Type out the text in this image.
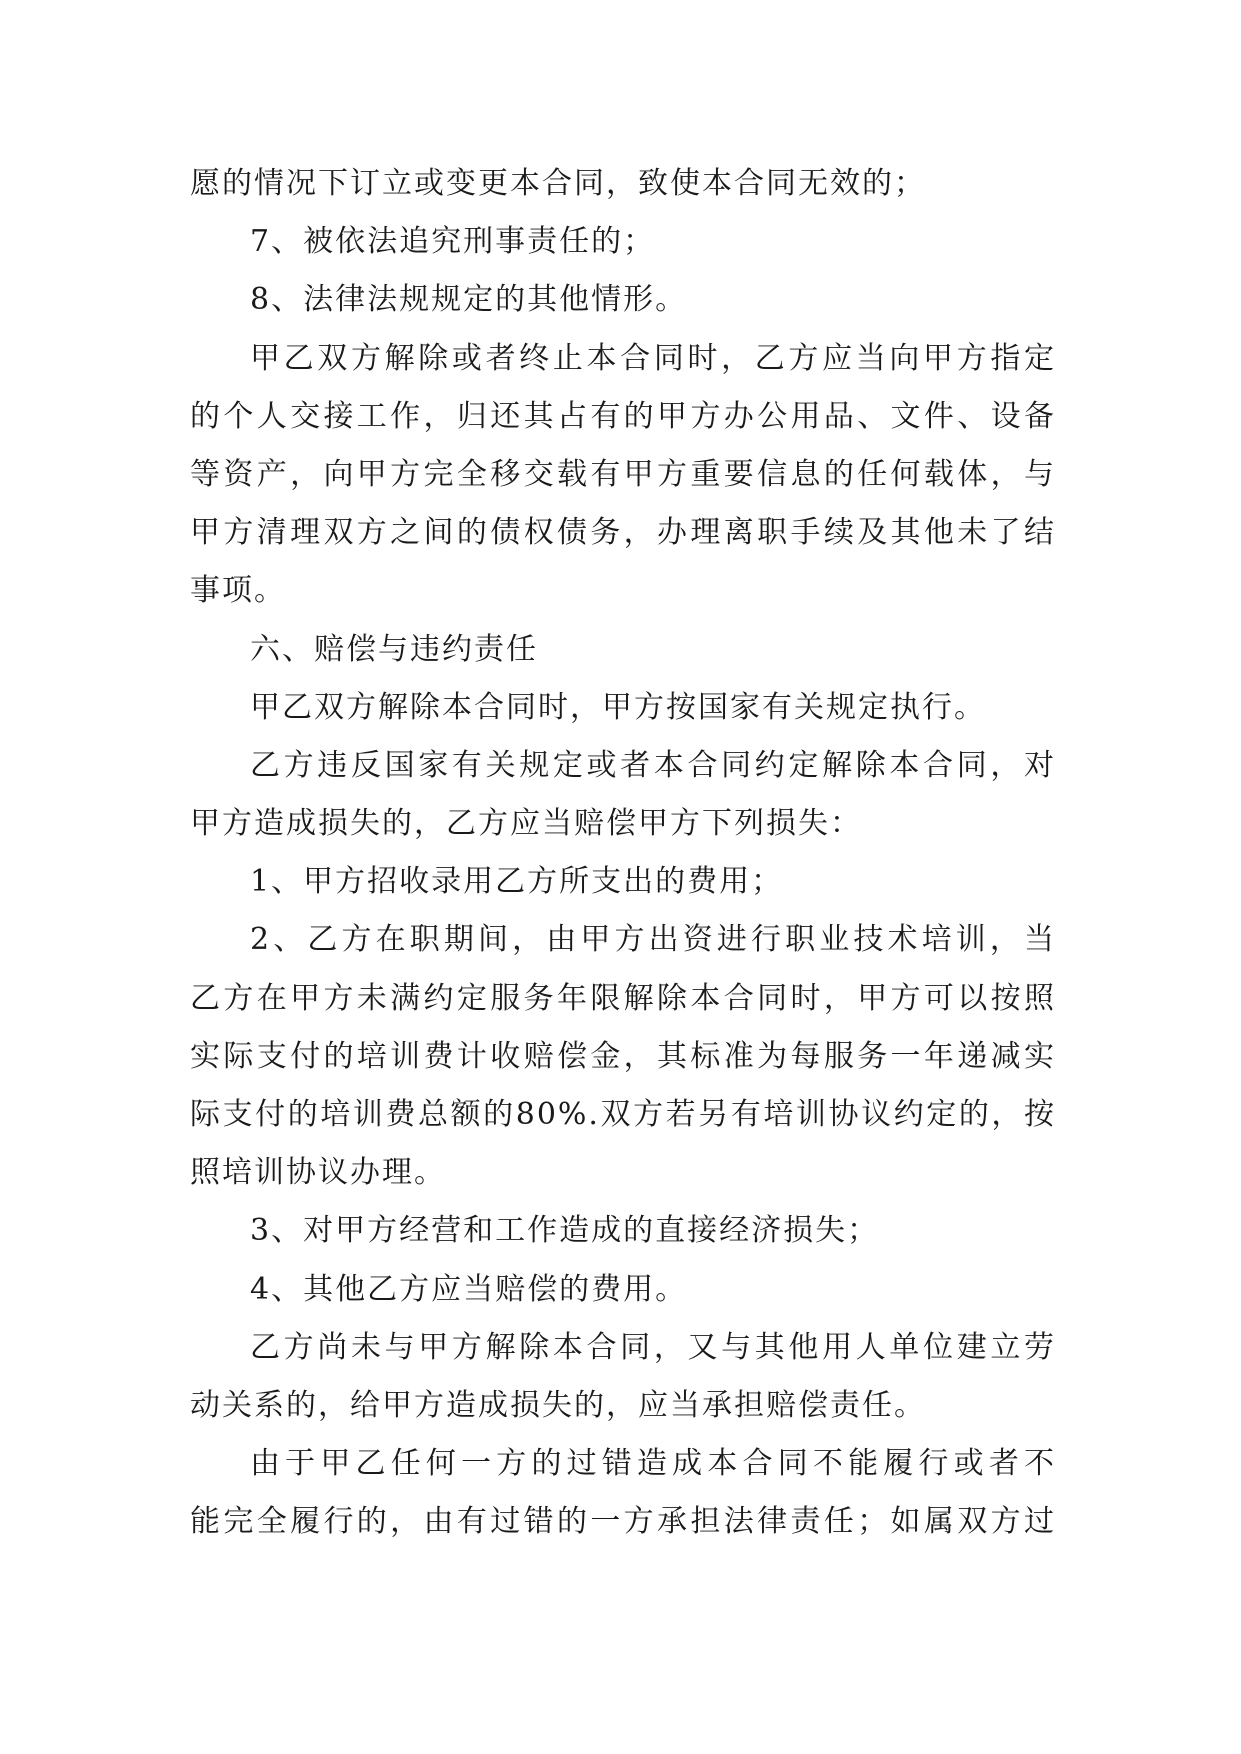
愿的情况下订立或变更本合同，致使本合同无效的；
7、被依法追究刑事责任的；
8、法律法规规定的其他情形。
甲乙双方解除或者终止本合同时，乙方应当向甲方指定
的个人交接工作，归还其占有的甲方办公用品、文件、设备
等资产，向甲方完全移交载有甲方重要信息的任何载体，与
甲方清理双方之间的债权债务，办理离职手续及其他未了结
事项。
六、赔偿与违约责任
甲乙双方解除本合同时，甲方按国家有关规定执行。
乙方违反国家有关规定或者本合同约定解除本合同，对
甲方造成损失的，乙方应当赔偿甲方下列损失：
1、甲方招收录用乙方所支出的费用；
2、乙方在职期间，由甲方出资进行职业技术培训，当
乙方在甲方未满约定服务年限解除本合同时，甲方可以按照
实际支付的培训费计收赔偿金，其标准为每服务一年递减实
际支付的培训费总额的80%.双方若另有培训协议约定的，按
照培训协议办理。
3、对甲方经营和工作造成的直接经济损失；
4、其他乙方应当赔偿的费用。
乙方尚未与甲方解除本合同，又与其他用人单位建立劳
动关系的，给甲方造成损失的，应当承担赔偿责任。
由于甲乙任何一方的过错造成本合同不能履行或者不
能完全履行的，由有过错的一方承担法律责任；如属双方过
